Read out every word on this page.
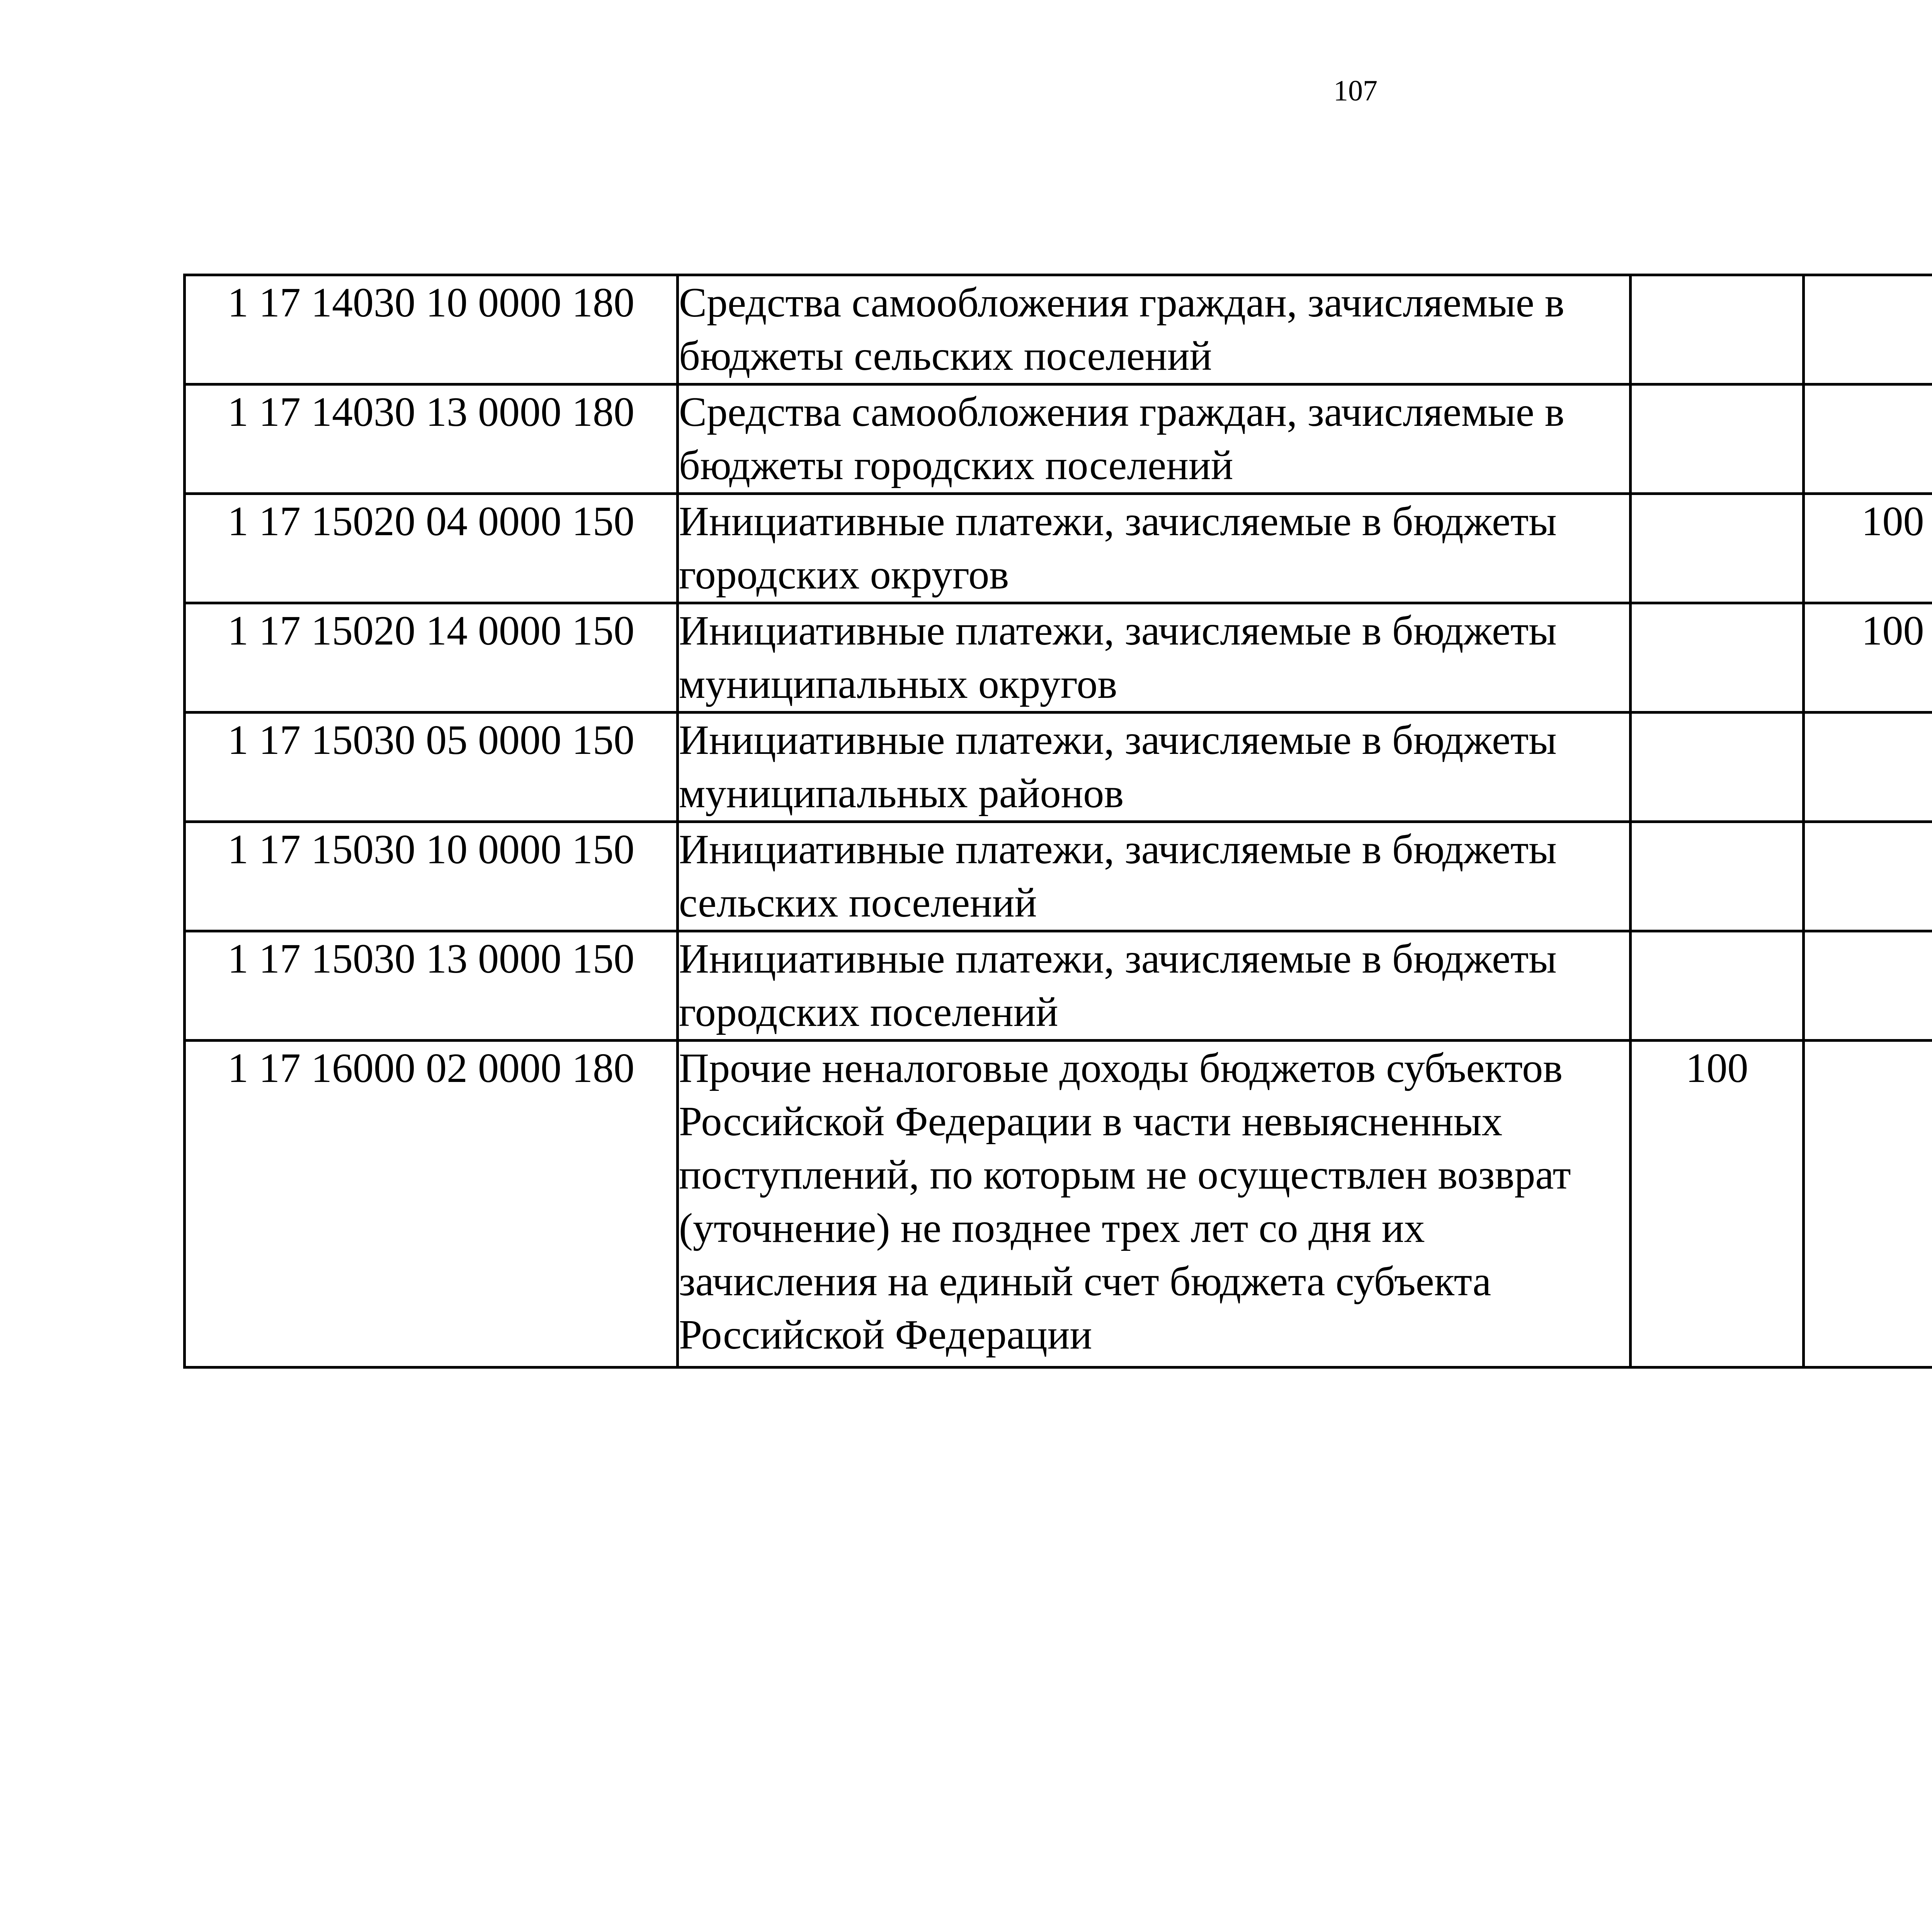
107
1 17 14030 10 0000 180	Средства самообложения граждан, зачисляемые в бюджеты сельских поселений					
1 17 14030 13 0000 180	Средства самообложения граждан, зачисляемые в бюджеты городских поселений					
1 17 15020 04 0000 150	Инициативные платежи, зачисляемые в бюджеты городских округов		100			
1 17 15020 14 0000 150	Инициативные платежи, зачисляемые в бюджеты муниципальных округов		100			
1 17 15030 05 0000 150	Инициативные платежи, зачисляемые в бюджеты муниципальных районов					
1 17 15030 10 0000 150	Инициативные платежи, зачисляемые в бюджеты сельских поселений					
1 17 15030 13 0000 150	Инициативные платежи, зачисляемые в бюджеты городских поселений					
1 17 16000 02 0000 180	Прочие неналоговые доходы бюджетов субъектов Российской Федерации в части невыясненных поступлений, по которым не осуществлен возврат (уточнение) не позднее трех лет со дня их зачисления на единый счет бюджета субъекта Российской Федерации	100				
